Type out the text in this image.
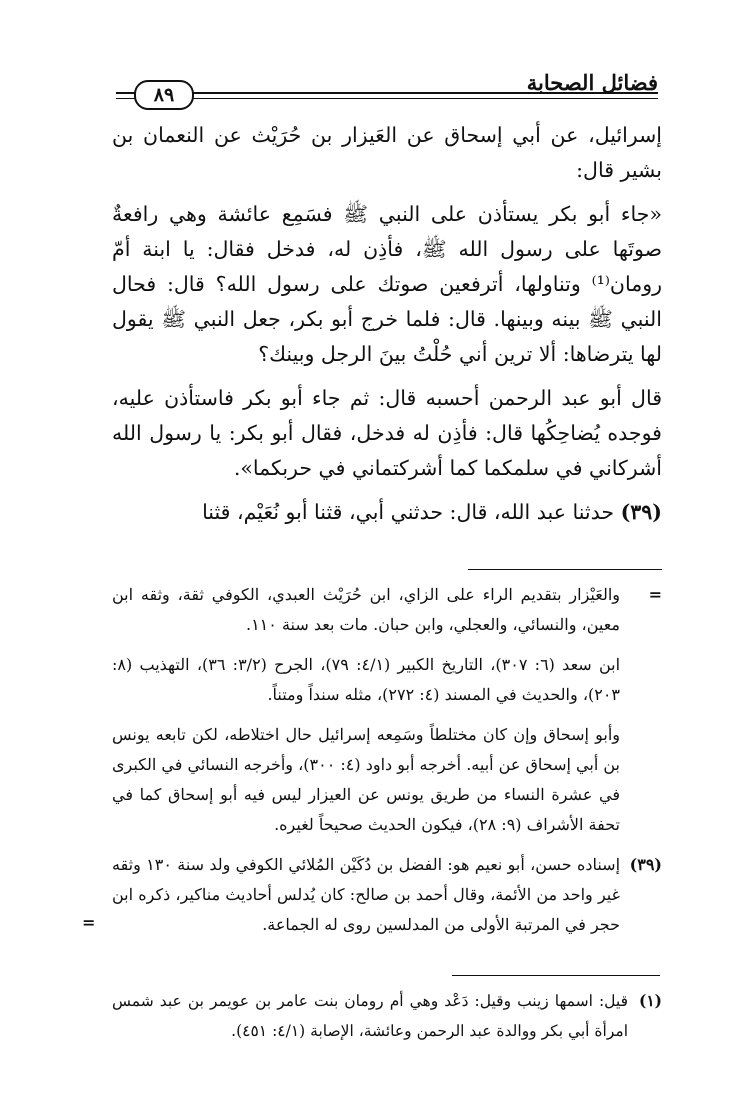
فضائل الصحابة
٨٩

إسرائيل، عن أبي إسحاق عن العَيزار بن حُرَيْث عن النعمان بن بشير قال:

«جاء أبو بكر يستأذن على النبي ﷺ فسَمِع عائشة وهي رافعةٌ صوتَها على رسول الله ﷺ، فأذِن له، فدخل فقال: يا ابنة أمّ رومان⁽¹⁾ وتناولها، أترفعين صوتك على رسول الله؟ قال: فحال النبي ﷺ بينه وبينها. قال: فلما خرج أبو بكر، جعل النبي ﷺ يقول لها يترضاها: ألا ترين أني حُلْتُ بينَ الرجل وبينك؟

قال أبو عبد الرحمن أحسبه قال: ثم جاء أبو بكر فاستأذن عليه، فوجده يُضاحِكُها قال: فأذِن له فدخل، فقال أبو بكر: يا رسول الله أشركاني في سلمكما كما أشركتماني في حربكما».

(٣٩) حدثنا عبد الله، قال: حدثني أبي، قثنا أبو نُعَيْم، قثنا

=
والعَيْزار بتقديم الراء على الزاي، ابن حُرَيْث العبدي، الكوفي ثقة، وثقه ابن معين، والنسائي، والعجلي، وابن حبان. مات بعد سنة ١١٠.
ابن سعد (٦: ٣٠٧)، التاريخ الكبير (٤/١: ٧٩)، الجرح (٣/٢: ٣٦)، التهذيب (٨: ٢٠٣)، والحديث في المسند (٤: ٢٧٢)، مثله سنداً ومتناً.
وأبو إسحاق وإن كان مختلطاً وسَمِعه إسرائيل حال اختلاطه، لكن تابعه يونس بن أبي إسحاق عن أبيه. أخرجه أبو داود (٤: ٣٠٠)، وأخرجه النسائي في الكبرى في عشرة النساء من طريق يونس عن العيزار ليس فيه أبو إسحاق كما في تحفة الأشراف (٩: ٢٨)، فيكون الحديث صحيحاً لغيره.
(٣٩)
إسناده حسن، أبو نعيم هو: الفضل بن دُكَيْن المُلائي الكوفي ولد سنة ١٣٠ وثقه غير واحد من الأئمة، وقال أحمد بن صالح: كان يُدلس أحاديث مناكير، ذكره ابن حجر في المرتبة الأولى من المدلسين روى له الجماعة.
=
(١)
قيل: اسمها زينب وقيل: دَعْد وهي أم رومان بنت عامر بن عويمر بن عبد شمس امرأة أبي بكر ووالدة عبد الرحمن وعائشة، الإصابة (٤/١: ٤٥١).
